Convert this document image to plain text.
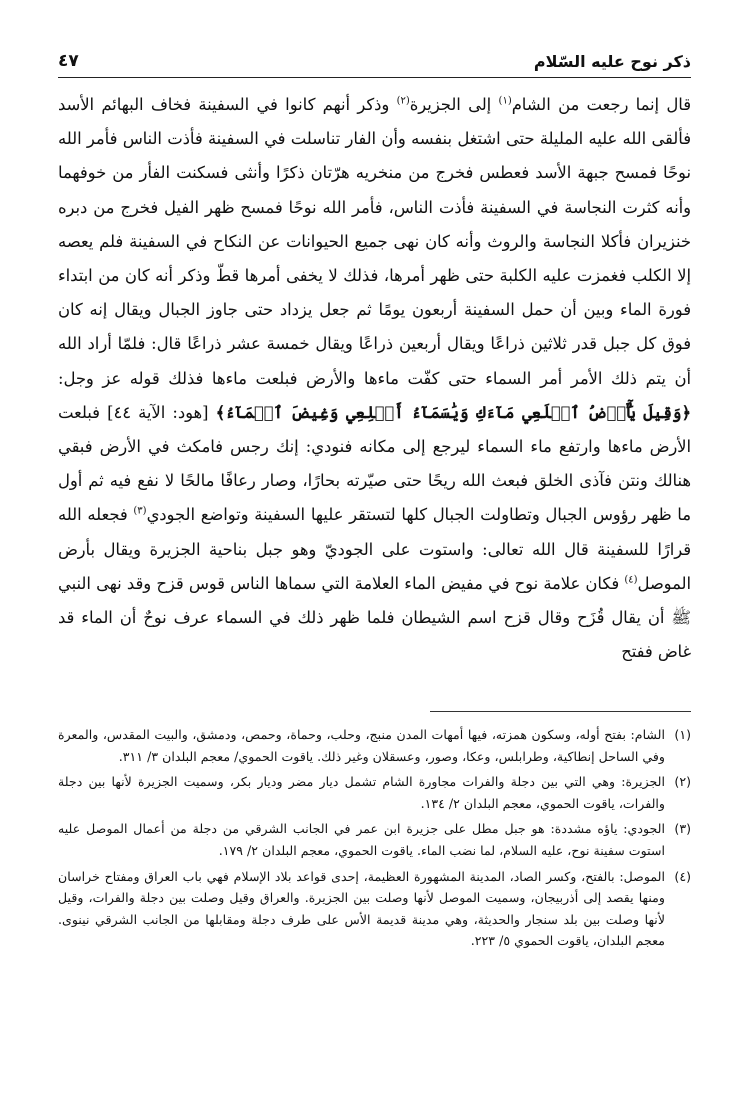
٤٧	ذكر نوح عليه السّلام

قال إنما رجعت من الشام$^{(١)}$ إلى الجزيرة$^{(٢)}$ وذكر أنهم كانوا في السفينة فخاف البهائم الأسد فألقى الله عليه المليلة حتى اشتغل بنفسه وأن الفار تناسلت في السفينة فأذت الناس فأمر الله نوحًا فمسح جبهة الأسد فعطس فخرج من منخريه هرّتان ذكرًا وأنثى فسكنت الفأر من خوفهما وأنه كثرت النجاسة في السفينة فأذت الناس، فأمر الله نوحًا فمسح ظهر الفيل فخرج من دبره خنزيران فأكلا النجاسة والروث وأنه كان نهى جميع الحيوانات عن النكاح في السفينة فلم يعصه إلا الكلب فغمزت عليه الكلبة حتى ظهر أمرها، فذلك لا يخفى أمرها قطّ وذكر أنه كان من ابتداء فورة الماء وبين أن حمل السفينة أربعون يومًا ثم جعل يزداد حتى جاوز الجبال ويقال إنه كان فوق كل جبل قدر ثلاثين ذراعًا ويقال أربعين ذراعًا ويقال خمسة عشر ذراعًا قال: فلمّا أراد الله أن يتم ذلك الأمر أمر السماء حتى كفّت ماءها والأرض فبلعت ماءها فذلك قوله عز وجل: ﴿وَقِيلَ يَٰٓأَرۡضُ ٱبۡلَعِي مَآءَكِ وَيَٰسَمَآءُ أَقۡلِعِي وَغِيضَ ٱلۡمَآءُ﴾ [هود: الآية ٤٤] فبلعت الأرض ماءها وارتفع ماء السماء ليرجع إلى مكانه فنودي: إنك رجس فامكث في الأرض فبقي هنالك ونتن فآذى الخلق فبعث الله ريحًا حتى صيّرته بحارًا، وصار رعافًا مالحًا لا نفع فيه ثم أول ما ظهر رؤوس الجبال وتطاولت الجبال كلها لتستقر عليها السفينة وتواضع الجودي$^{(٣)}$ فجعله الله قرارًا للسفينة قال الله تعالى: واستوت على الجوديّ وهو جبل بناحية الجزيرة ويقال بأرض الموصل$^{(٤)}$ فكان علامة نوح في مفيض الماء العلامة التي سماها الناس قوس قزح وقد نهى النبي ﷺ أن يقال قُزَح وقال قزح اسم الشيطان فلما ظهر ذلك في السماء عرف نوحٌ أن الماء قد غاض ففتح

(١)
الشام: بفتح أوله، وسكون همزته، فيها أمهات المدن منبج، وحلب، وحماة، وحمص، ودمشق، والبيت المقدس، والمعرة وفي الساحل إنطاكية، وطرابلس، وعكا، وصور، وعسقلان وغير ذلك. ياقوت الحموي/ معجم البلدان ٣/ ٣١١.
(٢)
الجزيرة: وهي التي بين دجلة والفرات مجاورة الشام تشمل ديار مضر وديار بكر، وسميت الجزيرة لأنها بين دجلة والفرات، ياقوت الحموي، معجم البلدان ٢/ ١٣٤.
(٣)
الجودي: ياؤه مشددة: هو جبل مطل على جزيرة ابن عمر في الجانب الشرقي من دجلة من أعمال الموصل عليه استوت سفينة نوح، عليه السلام، لما نضب الماء. ياقوت الحموي، معجم البلدان ٢/ ١٧٩.
(٤)
الموصل: بالفتح، وكسر الصاد، المدينة المشهورة العظيمة، إحدى قواعد بلاد الإسلام فهي باب العراق ومفتاح خراسان ومنها يقصد إلى أذربيجان، وسميت الموصل لأنها وصلت بين الجزيرة. والعراق وقيل وصلت بين دجلة والفرات، وقيل لأنها وصلت بين بلد سنجار والحديثة، وهي مدينة قديمة الأس على طرف دجلة ومقابلها من الجانب الشرقي نينوى. معجم البلدان، ياقوت الحموي ٥/ ٢٢٣.
